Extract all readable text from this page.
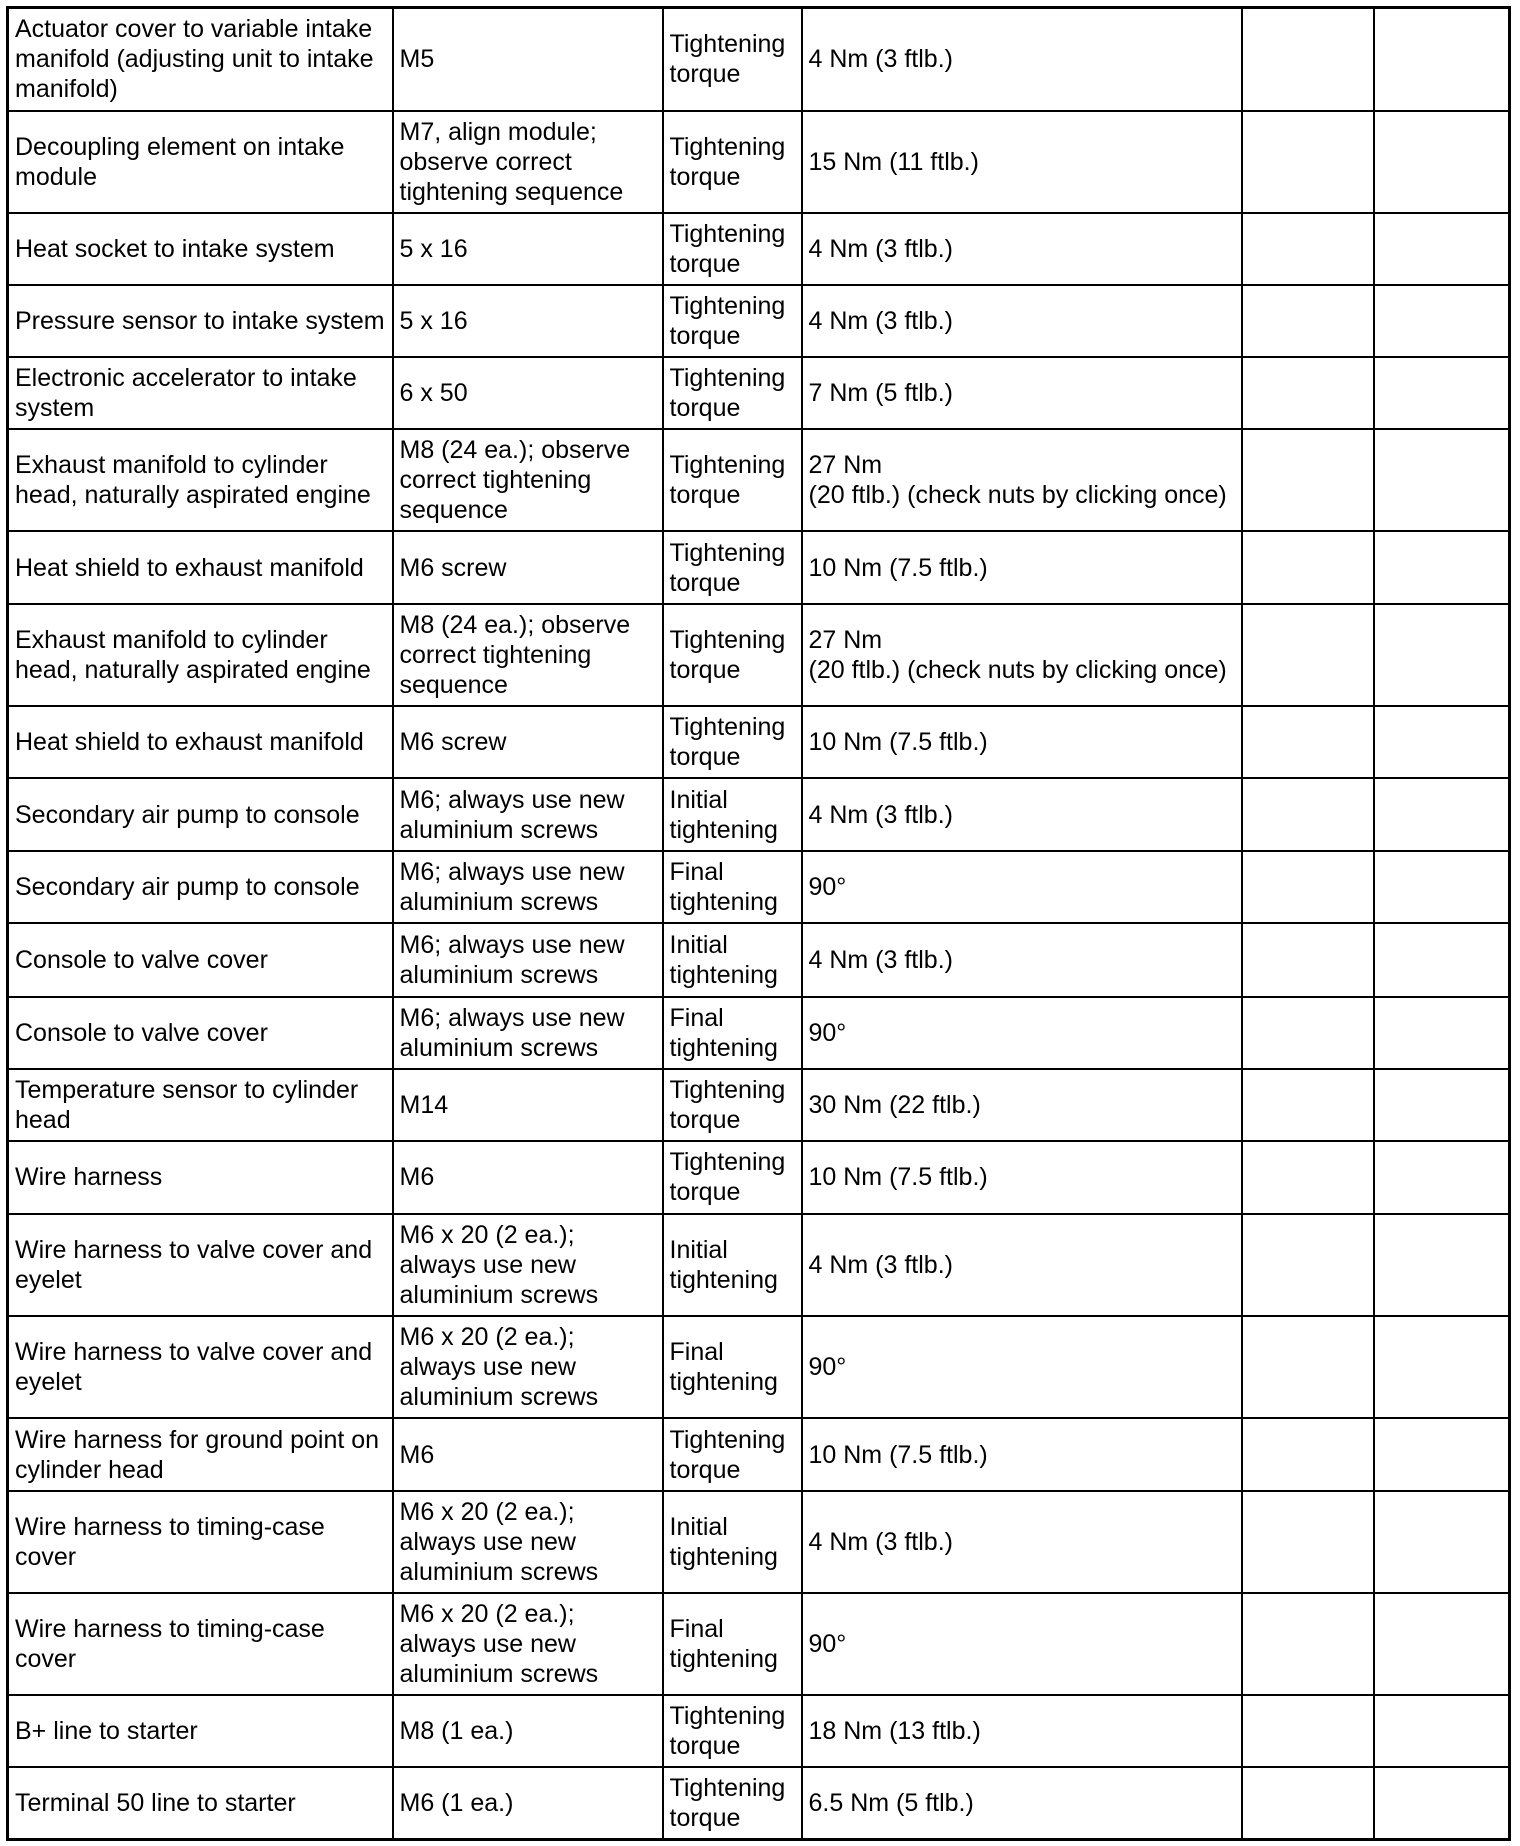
Actuator cover to variable intake manifold (adjusting unit to intake manifold)	M5	Tightening torque	4 Nm (3 ftlb.)		
Decoupling element on intake module	M7, align module; observe correct tightening sequence	Tightening torque	15 Nm (11 ftlb.)		
Heat socket to intake system	5 x 16	Tightening torque	4 Nm (3 ftlb.)		
Pressure sensor to intake system	5 x 16	Tightening torque	4 Nm (3 ftlb.)		
Electronic accelerator to intake system	6 x 50	Tightening torque	7 Nm (5 ftlb.)		
Exhaust manifold to cylinder head, naturally aspirated engine	M8 (24 ea.); observe correct tightening sequence	Tightening torque	27 Nm
(20 ftlb.) (check nuts by clicking once)		
Heat shield to exhaust manifold	M6 screw	Tightening torque	10 Nm (7.5 ftlb.)		
Exhaust manifold to cylinder head, naturally aspirated engine	M8 (24 ea.); observe correct tightening sequence	Tightening torque	27 Nm
(20 ftlb.) (check nuts by clicking once)		
Heat shield to exhaust manifold	M6 screw	Tightening torque	10 Nm (7.5 ftlb.)		
Secondary air pump to console	M6; always use new aluminium screws	Initial tightening	4 Nm (3 ftlb.)		
Secondary air pump to console	M6; always use new aluminium screws	Final tightening	90°		
Console to valve cover	M6; always use new aluminium screws	Initial tightening	4 Nm (3 ftlb.)		
Console to valve cover	M6; always use new aluminium screws	Final tightening	90°		
Temperature sensor to cylinder head	M14	Tightening torque	30 Nm (22 ftlb.)		
Wire harness	M6	Tightening torque	10 Nm (7.5 ftlb.)		
Wire harness to valve cover and eyelet	M6 x 20 (2 ea.); always use new aluminium screws	Initial tightening	4 Nm (3 ftlb.)		
Wire harness to valve cover and eyelet	M6 x 20 (2 ea.); always use new aluminium screws	Final tightening	90°		
Wire harness for ground point on cylinder head	M6	Tightening torque	10 Nm (7.5 ftlb.)		
Wire harness to timing-case cover	M6 x 20 (2 ea.); always use new aluminium screws	Initial tightening	4 Nm (3 ftlb.)		
Wire harness to timing-case cover	M6 x 20 (2 ea.); always use new aluminium screws	Final tightening	90°		
B+ line to starter	M8 (1 ea.)	Tightening torque	18 Nm (13 ftlb.)		
Terminal 50 line to starter	M6 (1 ea.)	Tightening torque	6.5 Nm (5 ftlb.)		
